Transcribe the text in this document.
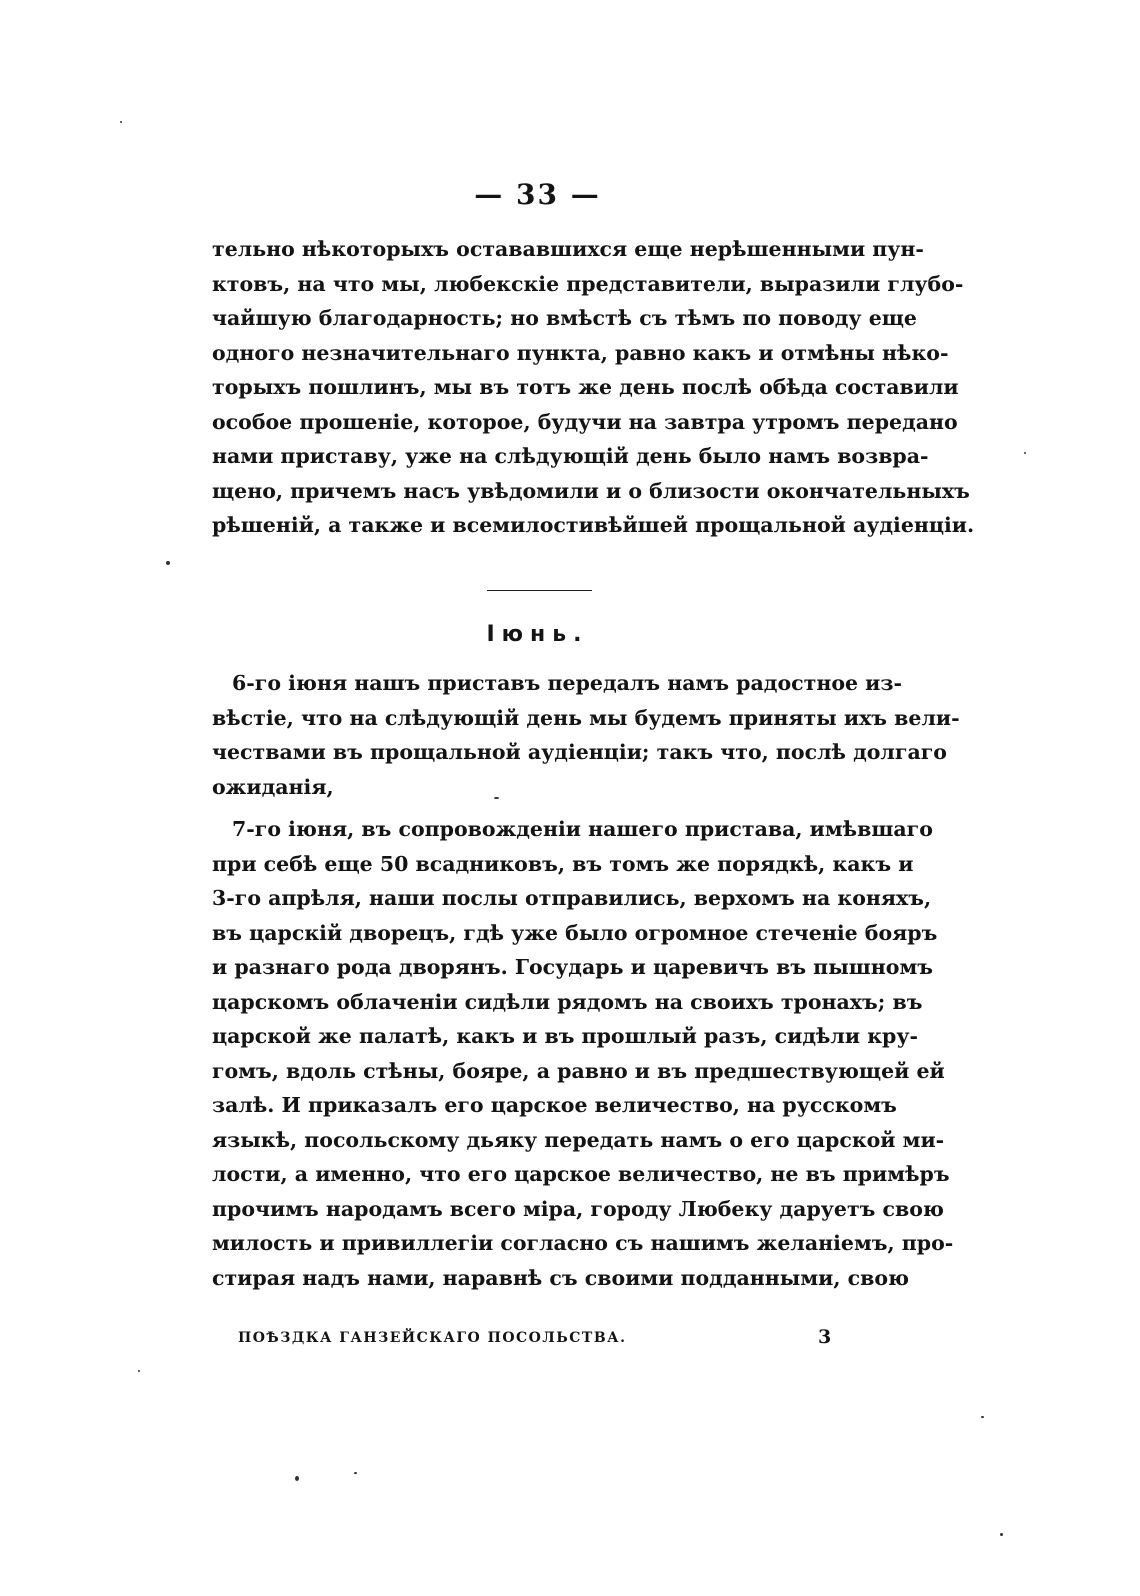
— 33 —
тельно нѣкоторыхъ остававшихся еще нерѣшенными пун-
ктовъ, на что мы, любекскіе представители, выразили глубо-
чайшую благодарность; но вмѣстѣ съ тѣмъ по поводу еще
одного незначительнаго пункта, равно какъ и отмѣны нѣко-
торыхъ пошлинъ, мы въ тотъ же день послѣ обѣда составили
особое прошеніе, которое, будучи на завтра утромъ передано
нами приставу, уже на слѣдующій день было намъ возвра-
щено, причемъ насъ увѣдомили и о близости окончательныхъ
рѣшеній, а также и всемилостивѣйшей прощальной аудіенціи.
Іюнь.
6-го іюня нашъ приставъ передалъ намъ радостное из-
вѣстіе, что на слѣдующій день мы будемъ приняты ихъ вели-
чествами въ прощальной аудіенціи; такъ что, послѣ долгаго
ожиданія,
7-го іюня, въ сопровожденіи нашего пристава, имѣвшаго
при себѣ еще 50 всадниковъ, въ томъ же порядкѣ, какъ и
3-го апрѣля, наши послы отправились, верхомъ на коняхъ,
въ царскій дворецъ, гдѣ уже было огромное стеченіе бояръ
и разнаго рода дворянъ. Государь и царевичъ въ пышномъ
царскомъ облаченіи сидѣли рядомъ на своихъ тронахъ; въ
царской же палатѣ, какъ и въ прошлый разъ, сидѣли кру-
гомъ, вдоль стѣны, бояре, а равно и въ предшествующей ей
залѣ. И приказалъ его царское величество, на русскомъ
языкѣ, посольскому дьяку передать намъ о его царской ми-
лости, а именно, что его царское величество, не въ примѣръ
прочимъ народамъ всего міра, городу Любеку даруетъ свою
милость и привиллегіи согласно съ нашимъ желаніемъ, про-
стирая надъ нами, наравнѣ съ своими подданными, свою
ПОѢЗДКА ГАНЗЕЙСКАГО ПОСОЛЬСТВА.	3
